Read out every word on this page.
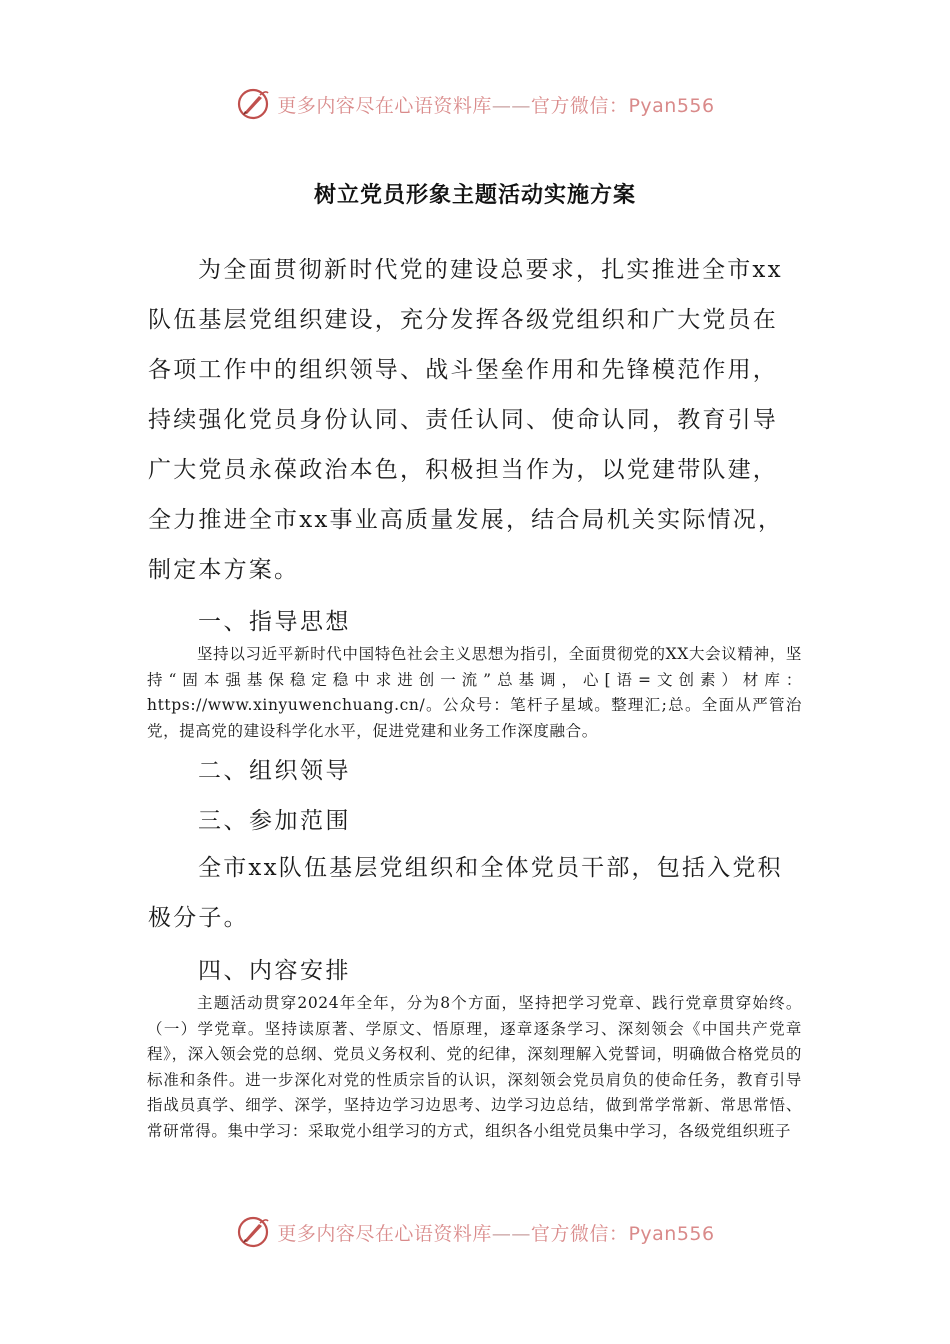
更多内容尽在心语资料库——官方微信：Pyan556
树立党员形象主题活动实施方案
为全面贯彻新时代党的建设总要求，扎实推进全市xx队伍基层党组织建设，充分发挥各级党组织和广大党员在各项工作中的组织领导、战斗堡垒作用和先锋模范作用，持续强化党员身份认同、责任认同、使命认同，教育引导广大党员永葆政治本色，积极担当作为，以党建带队建，全力推进全市xx事业高质量发展，结合局机关实际情况，制定本方案。
一、指导思想
坚持以习近平新时代中国特色社会主义思想为指引，全面贯彻党的XX大会议精神，坚持“固本强基保稳定稳中求进创一流”总基调，心[语=文创素）材库：https://www.xinyuwenchuang.cn/。公众号：笔杆子星域。整理汇;总。全面从严管治党，提高党的建设科学化水平，促进党建和业务工作深度融合。
二、组织领导
三、参加范围
全市xx队伍基层党组织和全体党员干部，包括入党积极分子。
四、内容安排
主题活动贯穿2024年全年，分为8个方面，坚持把学习党章、践行党章贯穿始终。（一）学党章。坚持读原著、学原文、悟原理，逐章逐条学习、深刻领会《中国共产党章程》，深入领会党的总纲、党员义务权利、党的纪律，深刻理解入党誓词，明确做合格党员的标准和条件。进一步深化对党的性质宗旨的认识，深刻领会党员肩负的使命任务，教育引导指战员真学、细学、深学，坚持边学习边思考、边学习边总结，做到常学常新、常思常悟、常研常得。集中学习：采取党小组学习的方式，组织各小组党员集中学习，各级党组织班子
更多内容尽在心语资料库——官方微信：Pyan556
